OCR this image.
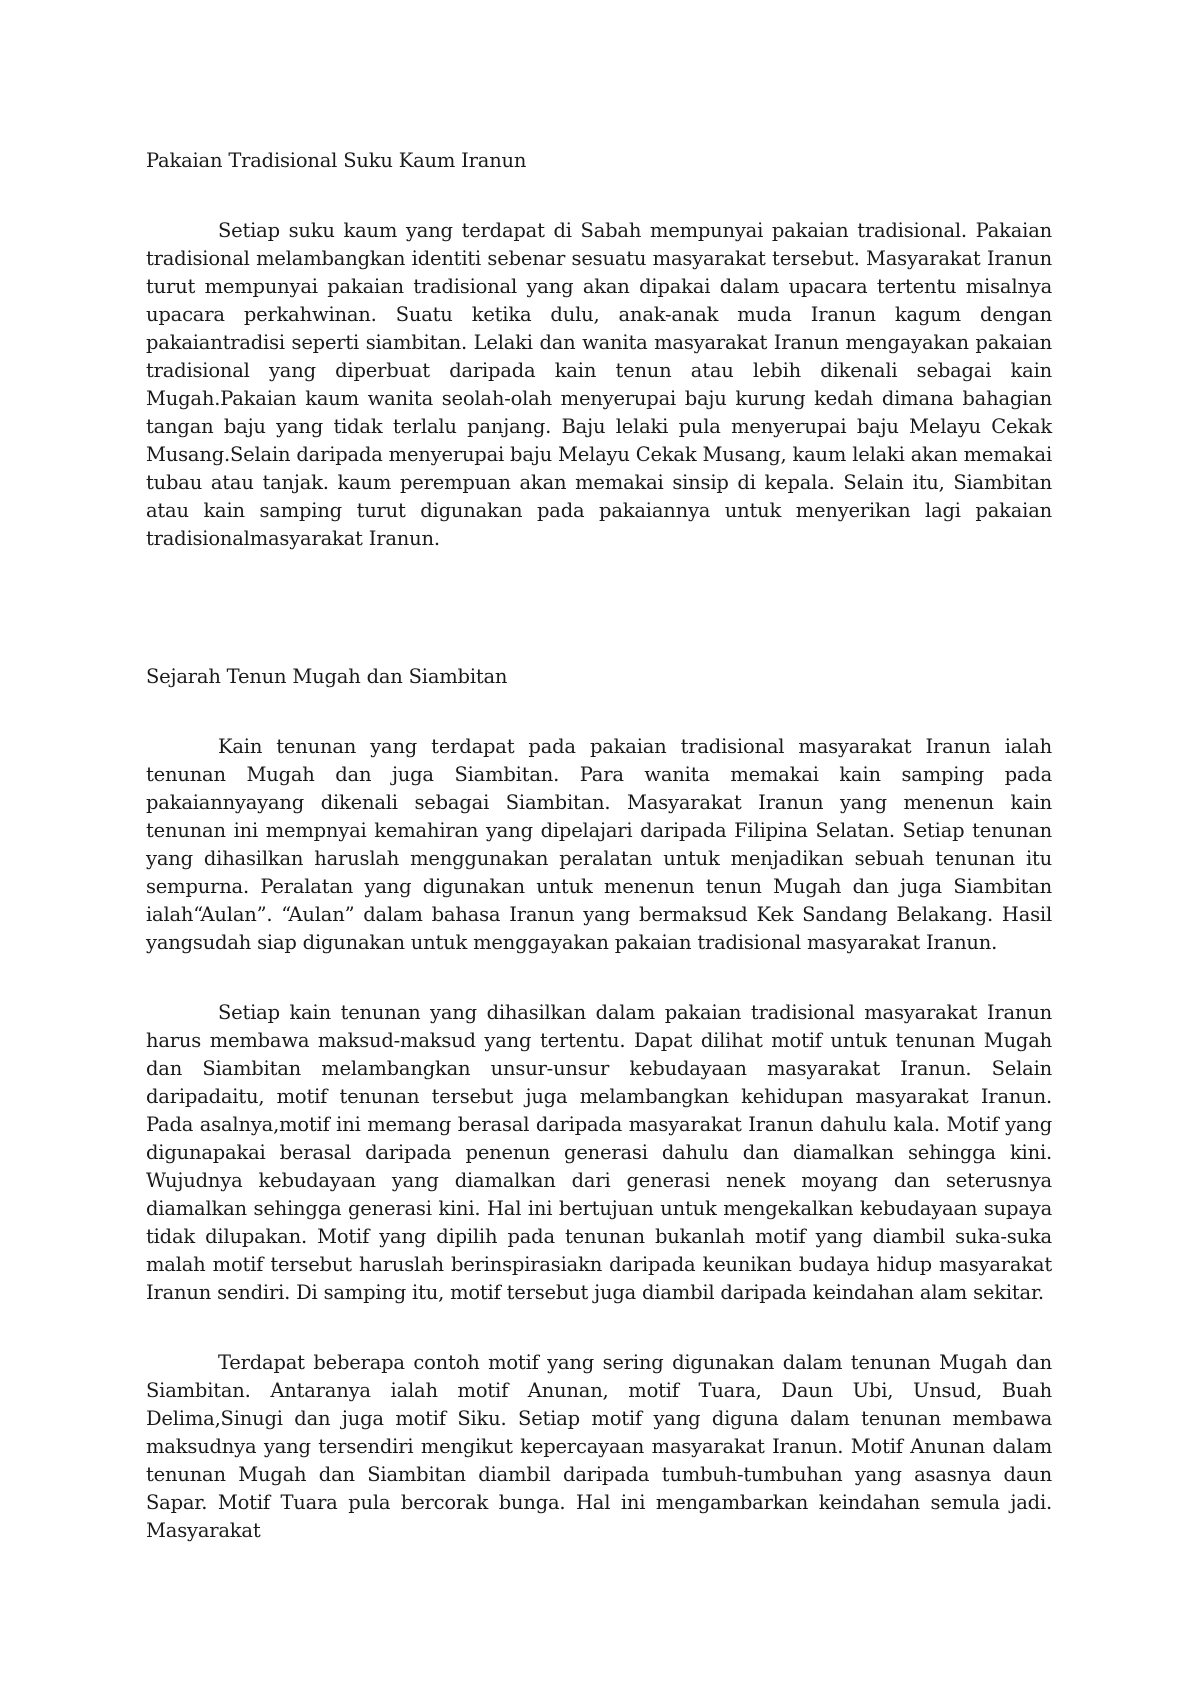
Pakaian Tradisional Suku Kaum Iranun

Setiap suku kaum yang terdapat di Sabah mempunyai pakaian tradisional. Pakaian tradisional melambangkan identiti sebenar sesuatu masyarakat tersebut. Masyarakat Iranun turut mempunyai pakaian tradisional yang akan dipakai dalam upacara tertentu misalnya upacara perkahwinan. Suatu ketika dulu, anak-anak muda Iranun kagum dengan pakaiantradisi seperti siambitan. Lelaki dan wanita masyarakat Iranun mengayakan pakaian tradisional yang diperbuat daripada kain tenun atau lebih dikenali sebagai kain Mugah.Pakaian kaum wanita seolah-olah menyerupai baju kurung kedah dimana bahagian tangan baju yang tidak terlalu panjang. Baju lelaki pula menyerupai baju Melayu Cekak Musang.Selain daripada menyerupai baju Melayu Cekak Musang, kaum lelaki akan memakai tubau atau tanjak. kaum perempuan akan memakai sinsip di kepala. Selain itu, Siambitan atau kain samping turut digunakan pada pakaiannya untuk menyerikan lagi pakaian tradisionalmasyarakat Iranun.

Sejarah Tenun Mugah dan Siambitan

Kain tenunan yang terdapat pada pakaian tradisional masyarakat Iranun ialah tenunan Mugah dan juga Siambitan. Para wanita memakai kain samping pada pakaiannyayang dikenali sebagai Siambitan. Masyarakat Iranun yang menenun kain tenunan ini mempnyai kemahiran yang dipelajari daripada Filipina Selatan. Setiap tenunan yang dihasilkan haruslah menggunakan peralatan untuk menjadikan sebuah tenunan itu sempurna. Peralatan yang digunakan untuk menenun tenun Mugah dan juga Siambitan ialah“Aulan”. “Aulan” dalam bahasa Iranun yang bermaksud Kek Sandang Belakang. Hasil yangsudah siap digunakan untuk menggayakan pakaian tradisional masyarakat Iranun.

Setiap kain tenunan yang dihasilkan dalam pakaian tradisional masyarakat Iranun harus membawa maksud-maksud yang tertentu. Dapat dilihat motif untuk tenunan Mugah dan Siambitan melambangkan unsur-unsur kebudayaan masyarakat Iranun. Selain daripadaitu, motif tenunan tersebut juga melambangkan kehidupan masyarakat Iranun. Pada asalnya,motif ini memang berasal daripada masyarakat Iranun dahulu kala. Motif yang digunapakai berasal daripada penenun generasi dahulu dan diamalkan sehingga kini. Wujudnya kebudayaan yang diamalkan dari generasi nenek moyang dan seterusnya diamalkan sehingga generasi kini. Hal ini bertujuan untuk mengekalkan kebudayaan supaya tidak dilupakan. Motif yang dipilih pada tenunan bukanlah motif yang diambil suka-suka malah motif tersebut haruslah berinspirasiakn daripada keunikan budaya hidup masyarakat Iranun sendiri. Di samping itu, motif tersebut juga diambil daripada keindahan alam sekitar.

Terdapat beberapa contoh motif yang sering digunakan dalam tenunan Mugah dan Siambitan. Antaranya ialah motif Anunan, motif Tuara, Daun Ubi, Unsud, Buah Delima,Sinugi dan juga motif Siku. Setiap motif yang diguna dalam tenunan membawa maksudnya yang tersendiri mengikut kepercayaan masyarakat Iranun. Motif Anunan dalam tenunan Mugah dan Siambitan diambil daripada tumbuh-tumbuhan yang asasnya daun Sapar. Motif Tuara pula bercorak bunga. Hal ini mengambarkan keindahan semula jadi. Masyarakat
